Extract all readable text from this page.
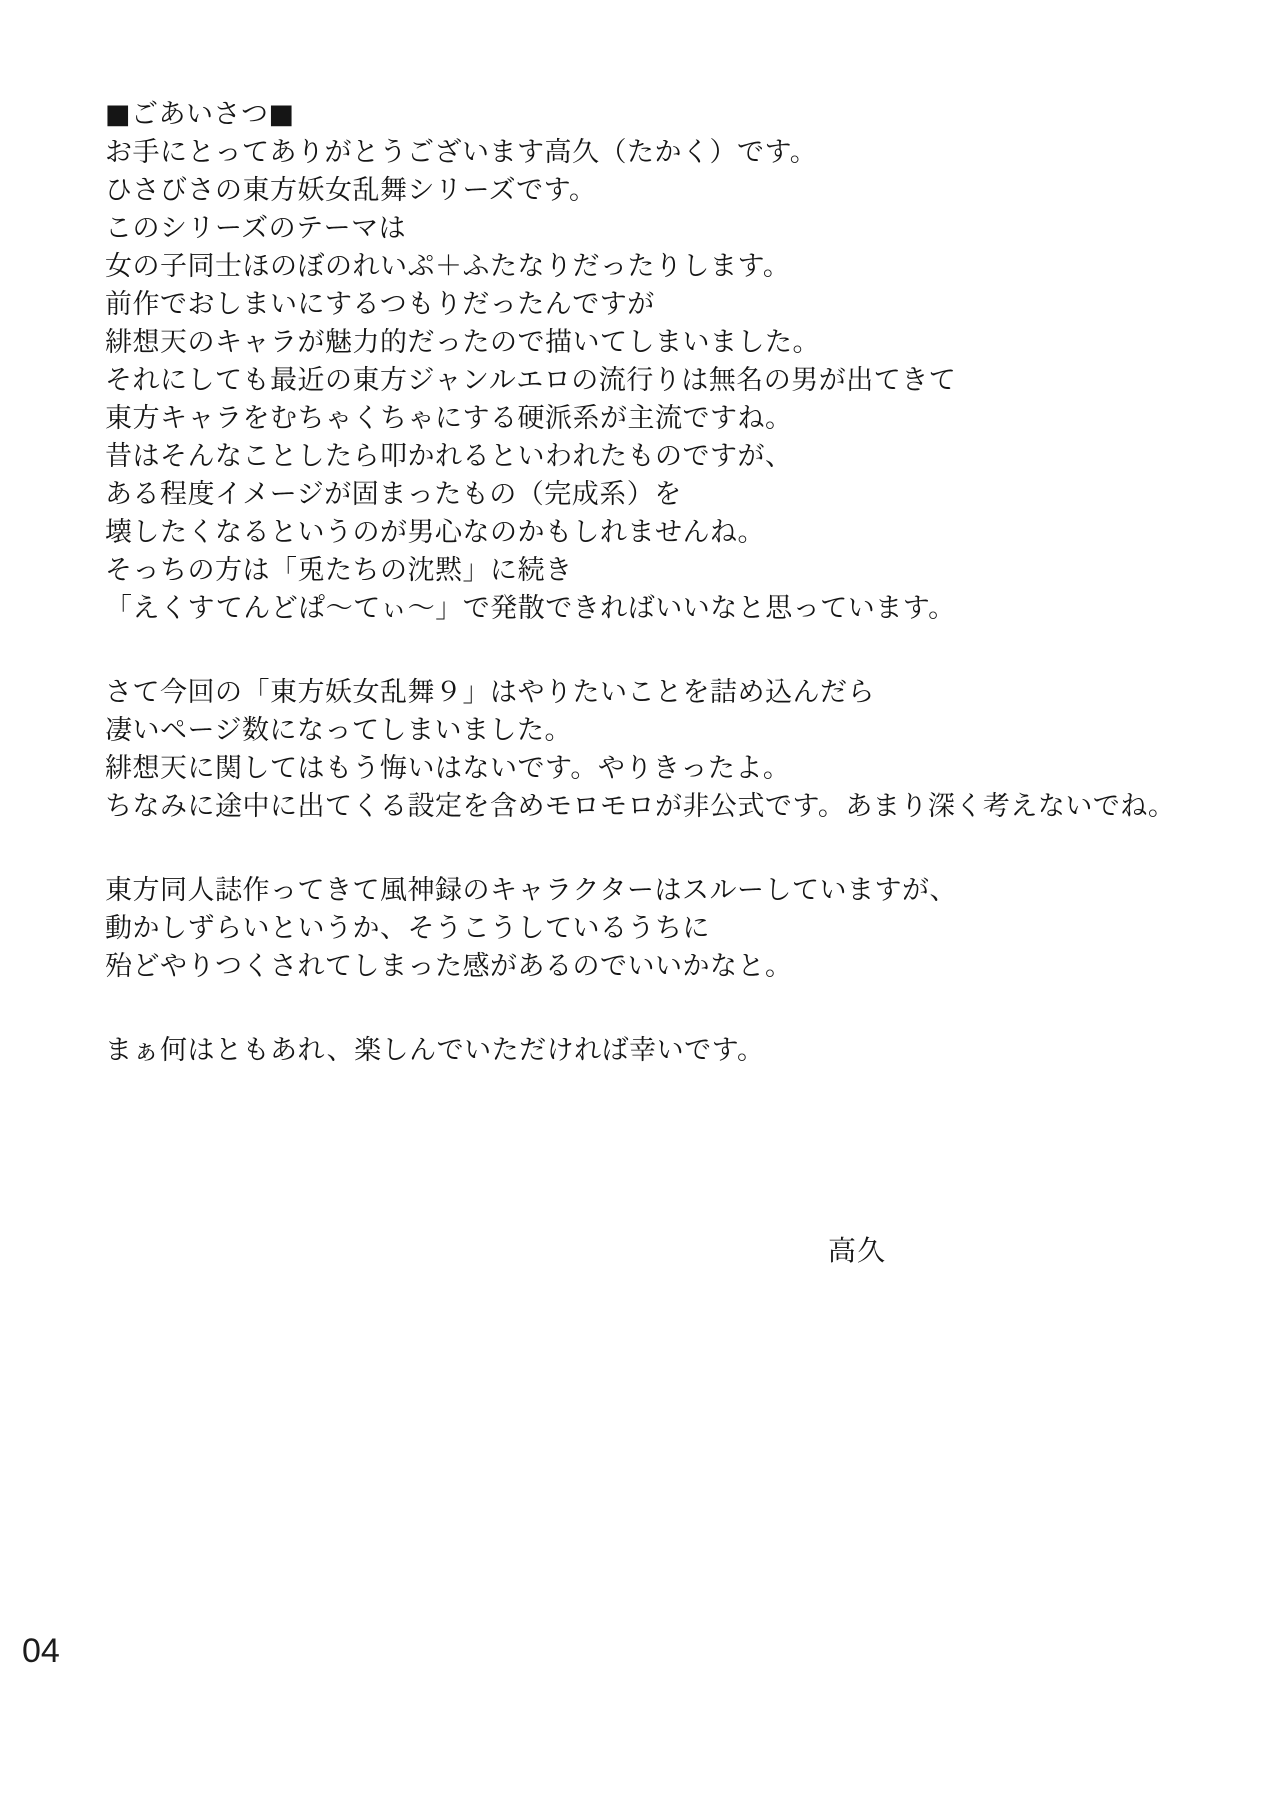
■ごあいさつ■
お手にとってありがとうございます高久（たかく）です。
ひさびさの東方妖女乱舞シリーズです。
このシリーズのテーマは
女の子同士ほのぼのれいぷ＋ふたなりだったりします。
前作でおしまいにするつもりだったんですが
緋想天のキャラが魅力的だったので描いてしまいました。
それにしても最近の東方ジャンルエロの流行りは無名の男が出てきて
東方キャラをむちゃくちゃにする硬派系が主流ですね。
昔はそんなことしたら叩かれるといわれたものですが、
ある程度イメージが固まったもの（完成系）を
壊したくなるというのが男心なのかもしれませんね。
そっちの方は「兎たちの沈黙」に続き
「えくすてんどぱ～てぃ～」で発散できればいいなと思っています。
さて今回の「東方妖女乱舞９」はやりたいことを詰め込んだら
凄いページ数になってしまいました。
緋想天に関してはもう悔いはないです。やりきったよ。
ちなみに途中に出てくる設定を含めモロモロが非公式です。あまり深く考えないでね。
東方同人誌作ってきて風神録のキャラクターはスルーしていますが、
動かしずらいというか、そうこうしているうちに
殆どやりつくされてしまった感があるのでいいかなと。
まぁ何はともあれ、楽しんでいただければ幸いです。
高久
04
